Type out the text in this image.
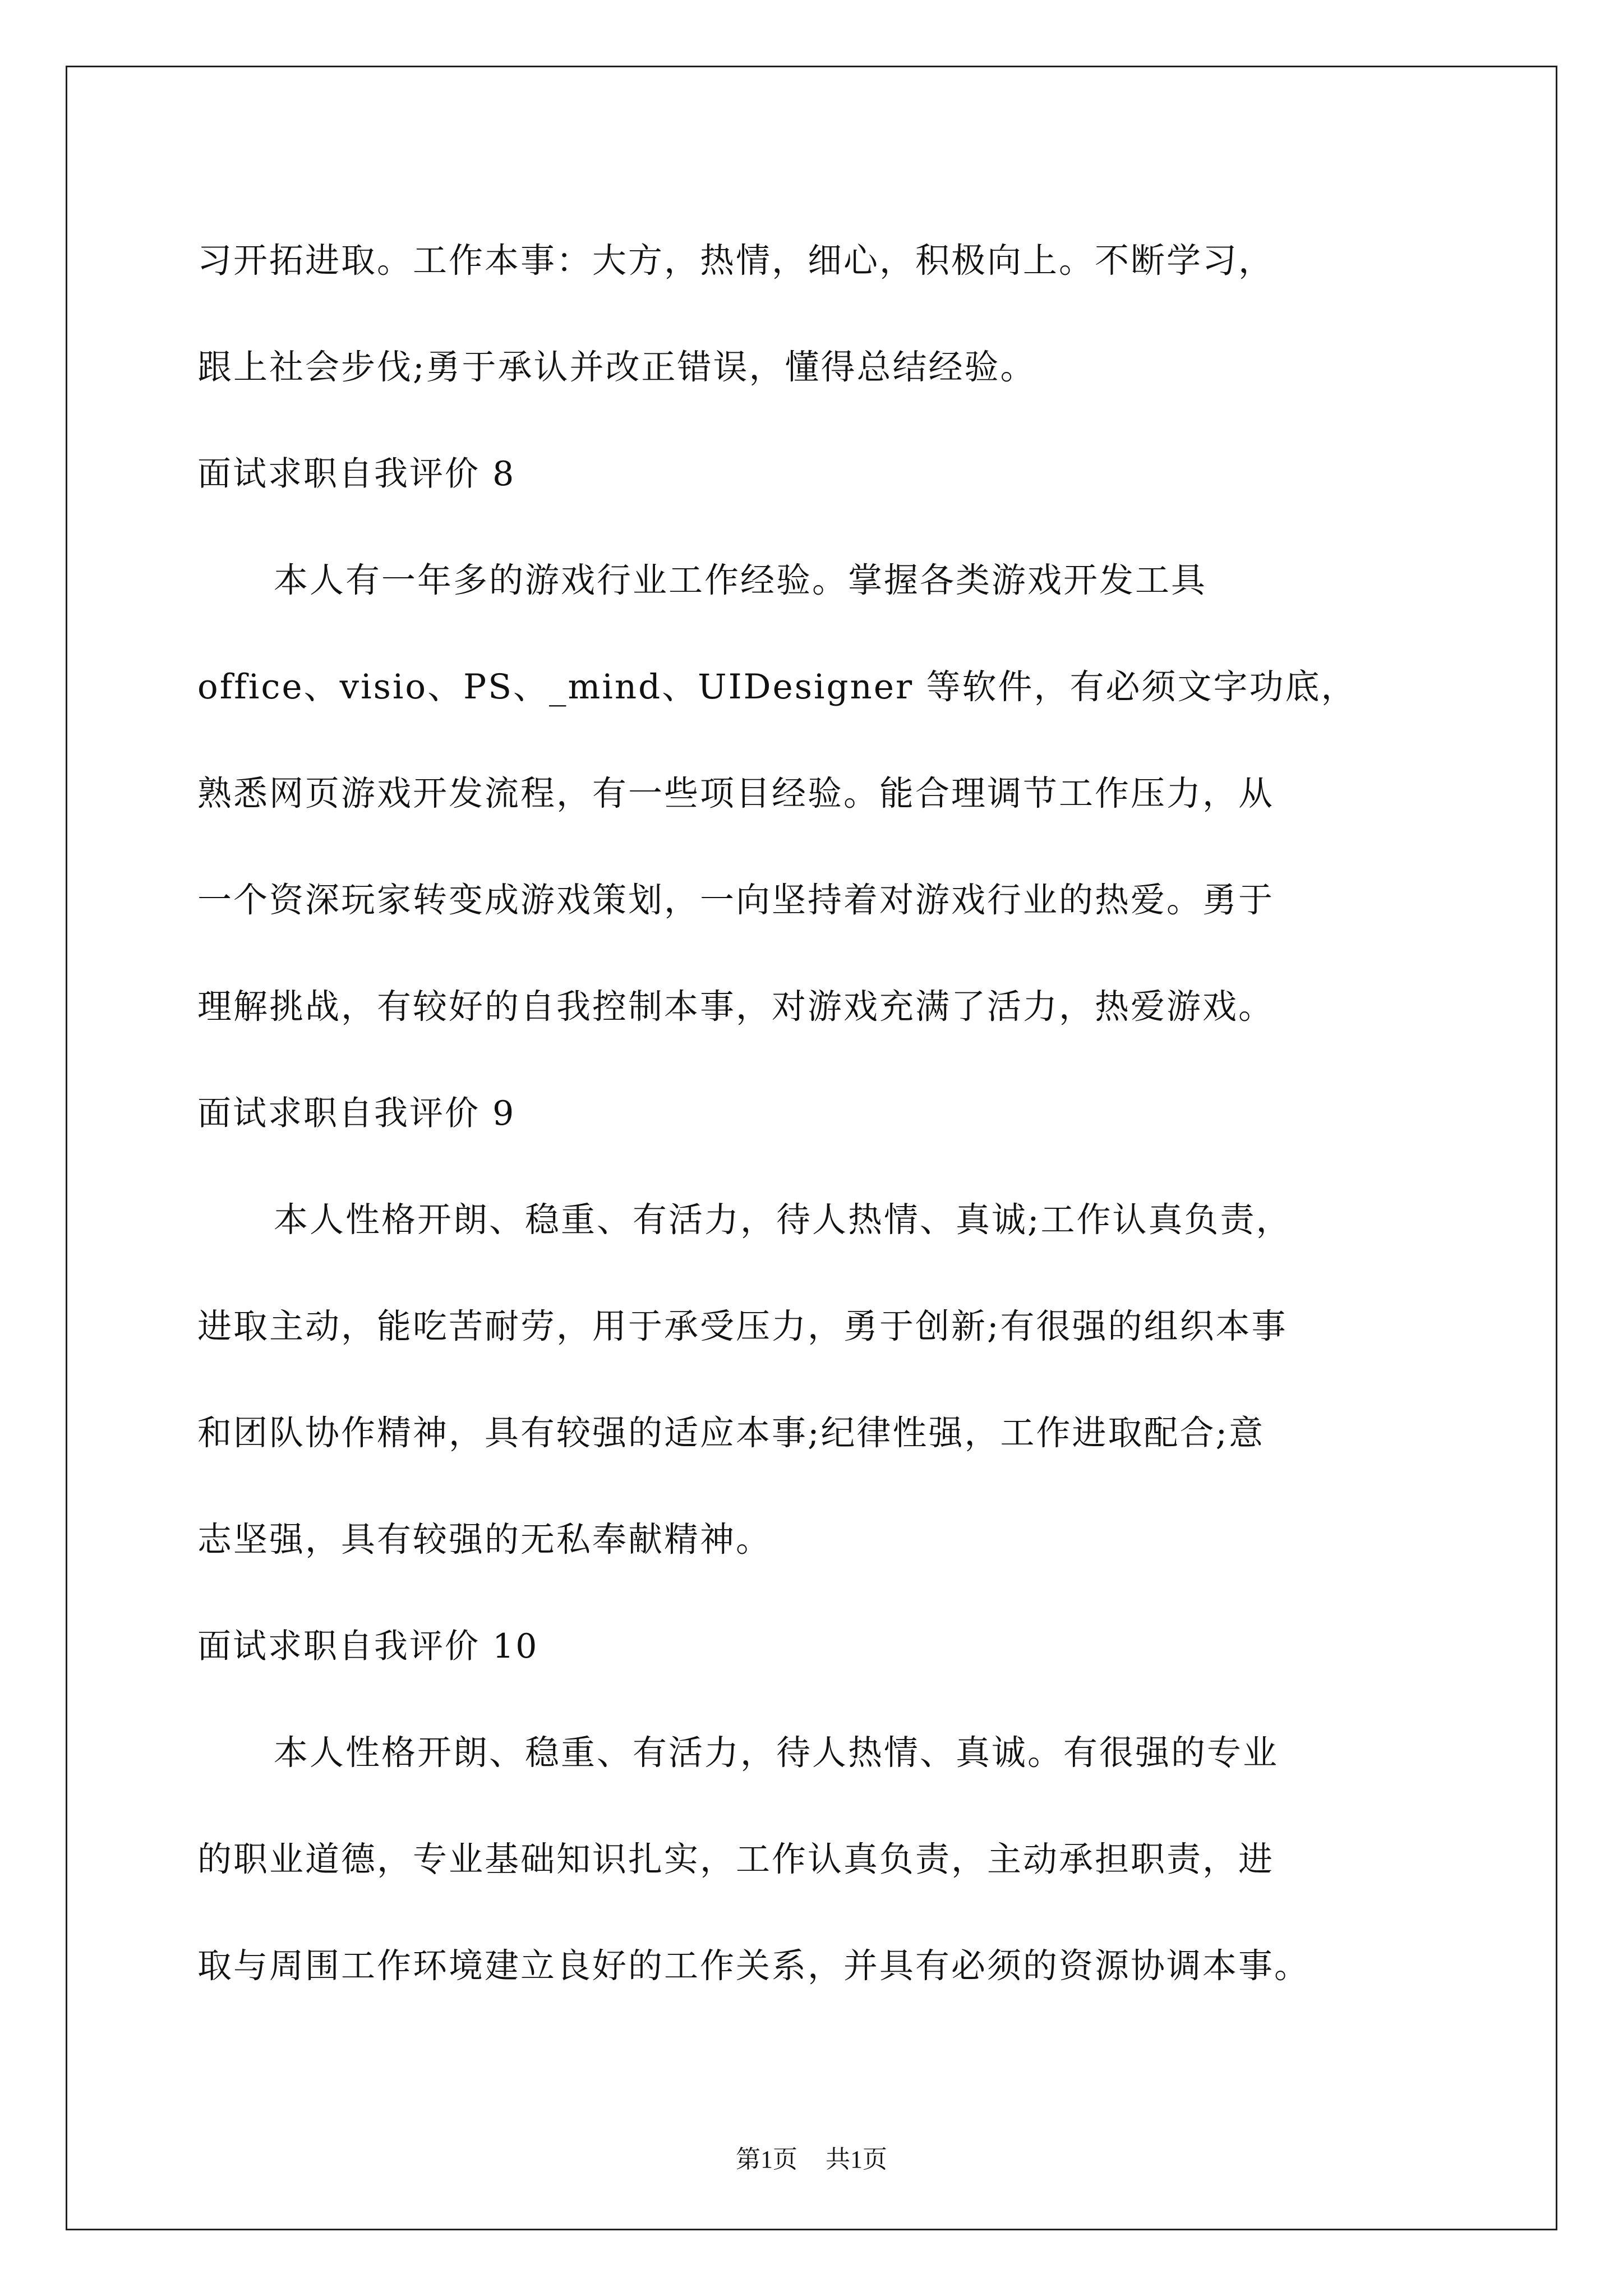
习开拓进取。工作本事：大方，热情，细心，积极向上。不断学习，
跟上社会步伐;勇于承认并改正错误，懂得总结经验。
面试求职自我评价 8
本人有一年多的游戏行业工作经验。掌握各类游戏开发工具
office、visio、PS、_mind、UIDesigner 等软件，有必须文字功底，
熟悉网页游戏开发流程，有一些项目经验。能合理调节工作压力，从
一个资深玩家转变成游戏策划，一向坚持着对游戏行业的热爱。勇于
理解挑战，有较好的自我控制本事，对游戏充满了活力，热爱游戏。
面试求职自我评价 9
本人性格开朗、稳重、有活力，待人热情、真诚;工作认真负责，
进取主动，能吃苦耐劳，用于承受压力，勇于创新;有很强的组织本事
和团队协作精神，具有较强的适应本事;纪律性强，工作进取配合;意
志坚强，具有较强的无私奉献精神。
面试求职自我评价 10
本人性格开朗、稳重、有活力，待人热情、真诚。有很强的专业
的职业道德，专业基础知识扎实，工作认真负责，主动承担职责，进
取与周围工作环境建立良好的工作关系，并具有必须的资源协调本事。
第1页 共1页
